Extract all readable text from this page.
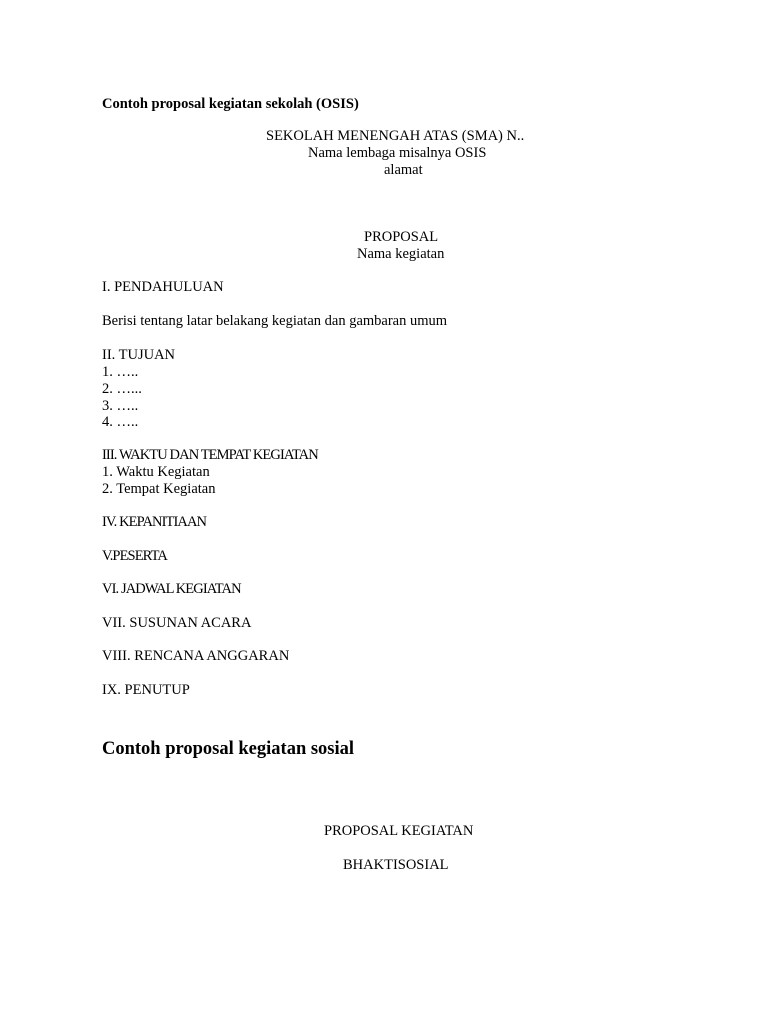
Contoh proposal kegiatan sekolah (OSIS)
SEKOLAH MENENGAH ATAS (SMA) N..
Nama lembaga misalnya OSIS
alamat
PROPOSAL
Nama kegiatan
I. PENDAHULUAN
Berisi tentang latar belakang kegiatan dan gambaran umum
II. TUJUAN
1. …..
2. …...
3. …..
4. …..
III. WAKTU DAN TEMPAT KEGIATAN
1. Waktu Kegiatan
2. Tempat Kegiatan
IV. KEPANITIAAN
V.PESERTA
VI. JADWAL KEGIATAN
VII. SUSUNAN ACARA
VIII. RENCANA ANGGARAN
IX. PENUTUP
Contoh proposal kegiatan sosial
PROPOSAL KEGIATAN
BHAKTISOSIAL
